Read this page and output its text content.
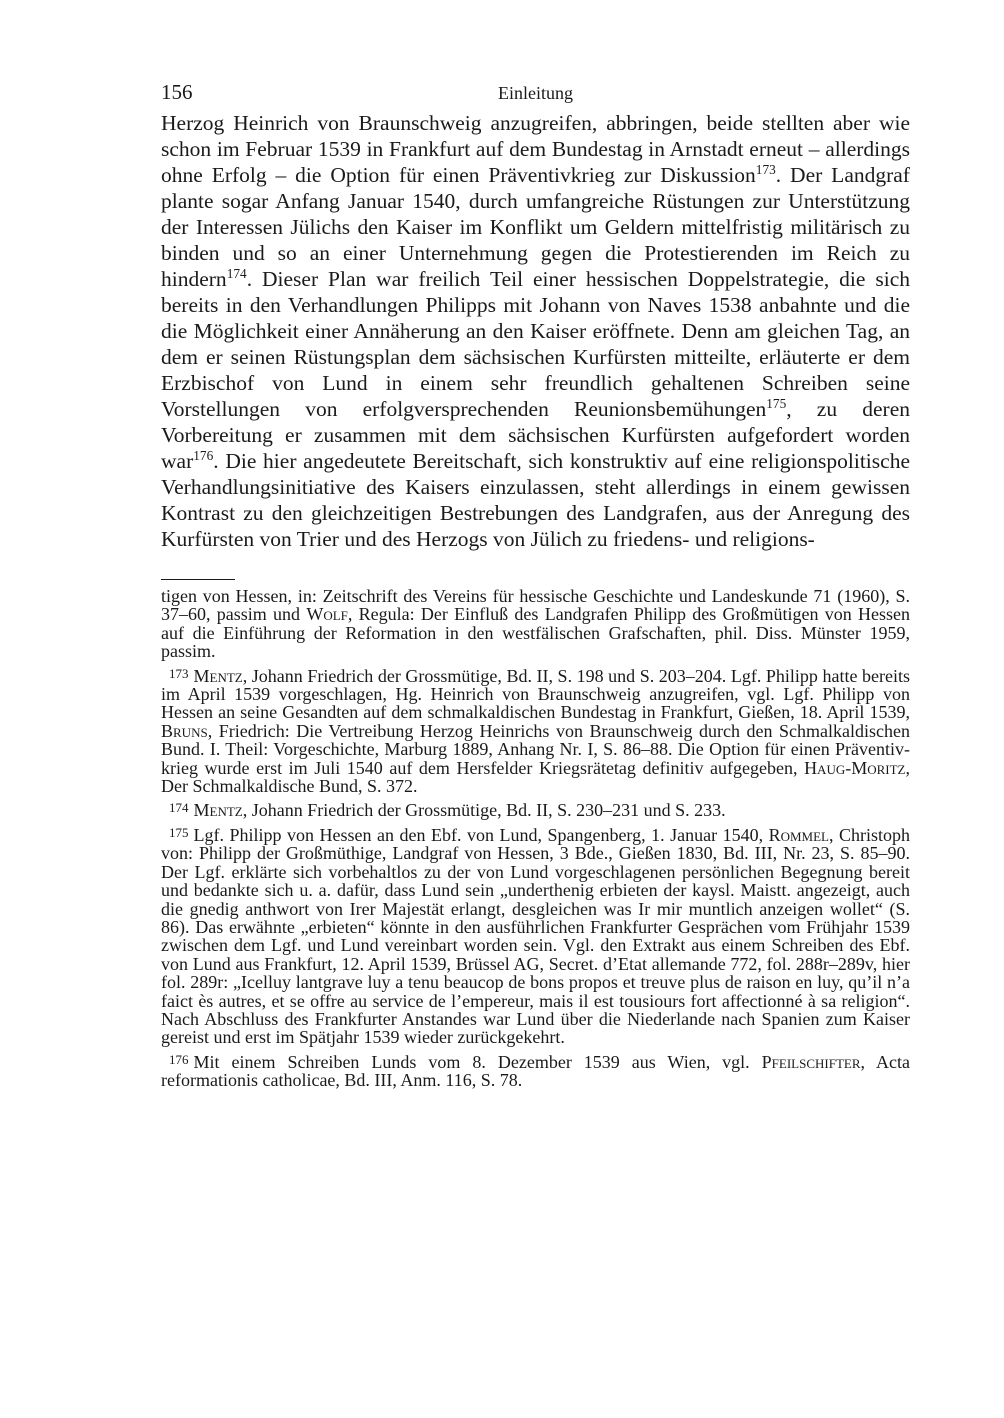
156	Einleitung

Herzog Heinrich von Braunschweig anzugreifen, abbringen, beide stellten aber wie schon im Februar 1539 in Frankfurt auf dem Bundestag in Arnstadt erneut – allerdings ohne Erfolg – die Option für einen Präventivkrieg zur Diskussion$^{173}$. Der Landgraf plante sogar Anfang Januar 1540, durch umfangreiche Rüstungen zur Unterstützung der Interessen Jülichs den Kaiser im Konflikt um Geldern mittelfristig militärisch zu binden und so an einer Unternehmung gegen die Protestierenden im Reich zu hindern$^{174}$. Dieser Plan war freilich Teil einer hessischen Doppelstrategie, die sich bereits in den Verhandlungen Philipps mit Johann von Naves 1538 anbahnte und die die Möglichkeit einer Annäherung an den Kaiser eröffnete. Denn am gleichen Tag, an dem er seinen Rüstungsplan dem sächsischen Kurfürsten mitteilte, erläuterte er dem Erzbischof von Lund in einem sehr freundlich gehaltenen Schreiben seine Vorstellungen von erfolgversprechenden Reunionsbemühungen$^{175}$, zu deren Vorbereitung er zusammen mit dem sächsischen Kurfürsten aufgefordert worden war$^{176}$. Die hier angedeutete Bereitschaft, sich konstruktiv auf eine religionspolitische Verhandlungsinitiative des Kaisers einzulassen, steht allerdings in einem gewissen Kontrast zu den gleichzeitigen Bestrebungen des Landgrafen, aus der Anregung des Kurfürsten von Trier und des Herzogs von Jülich zu friedens- und religions-

tigen von Hessen, in: Zeitschrift des Vereins für hessische Geschichte und Landeskunde 71 (1960), S. 37–60, passim und Wolf, Regula: Der Einfluß des Landgrafen Philipp des Großmütigen von Hessen auf die Einführung der Reformation in den westfälischen Grafschaften, phil. Diss. Münster 1959, passim.

173 Mentz, Johann Friedrich der Grossmütige, Bd. II, S. 198 und S. 203–204. Lgf. Philipp hatte bereits im April 1539 vorgeschlagen, Hg. Heinrich von Braunschweig anzugreifen, vgl. Lgf. Philipp von Hessen an seine Gesandten auf dem schmalkaldischen Bundestag in Frankfurt, Gießen, 18. April 1539, Bruns, Friedrich: Die Vertreibung Herzog Heinrichs von Braunschweig durch den Schmalkaldischen Bund. I. Theil: Vorgeschichte, Marburg 1889, Anhang Nr. I, S. 86–88. Die Option für einen Präventivkrieg wurde erst im Juli 1540 auf dem Hersfelder Kriegsrätetag definitiv aufgegeben, Haug-Moritz, Der Schmalkaldische Bund, S. 372.

174 Mentz, Johann Friedrich der Grossmütige, Bd. II, S. 230–231 und S. 233.

175 Lgf. Philipp von Hessen an den Ebf. von Lund, Spangenberg, 1. Januar 1540, Rommel, Christoph von: Philipp der Großmüthige, Landgraf von Hessen, 3 Bde., Gießen 1830, Bd. III, Nr. 23, S. 85–90. Der Lgf. erklärte sich vorbehaltlos zu der von Lund vorgeschlagenen persönlichen Begegnung bereit und bedankte sich u. a. dafür, dass Lund sein „underthenig erbieten der kaysl. Maistt. angezeigt, auch die gnedig anthwort von Irer Majestät erlangt, desgleichen was Ir mir muntlich anzeigen wollet“ (S. 86). Das erwähnte „erbieten“ könnte in den ausführlichen Frankfurter Gesprächen vom Frühjahr 1539 zwischen dem Lgf. und Lund vereinbart worden sein. Vgl. den Extrakt aus einem Schreiben des Ebf. von Lund aus Frankfurt, 12. April 1539, Brüssel AG, Secret. d’Etat allemande 772, fol. 288r–289v, hier fol. 289r: „Icelluy lantgrave luy a tenu beaucop de bons propos et treuve plus de raison en luy, qu’il n’a faict ès autres, et se offre au service de l’empereur, mais il est tousiours fort affectionné à sa religion“. Nach Abschluss des Frankfurter Anstandes war Lund über die Niederlande nach Spanien zum Kaiser gereist und erst im Spätjahr 1539 wieder zurückgekehrt.

176 Mit einem Schreiben Lunds vom 8. Dezember 1539 aus Wien, vgl. Pfeilschifter, Acta reformationis catholicae, Bd. III, Anm. 116, S. 78.
